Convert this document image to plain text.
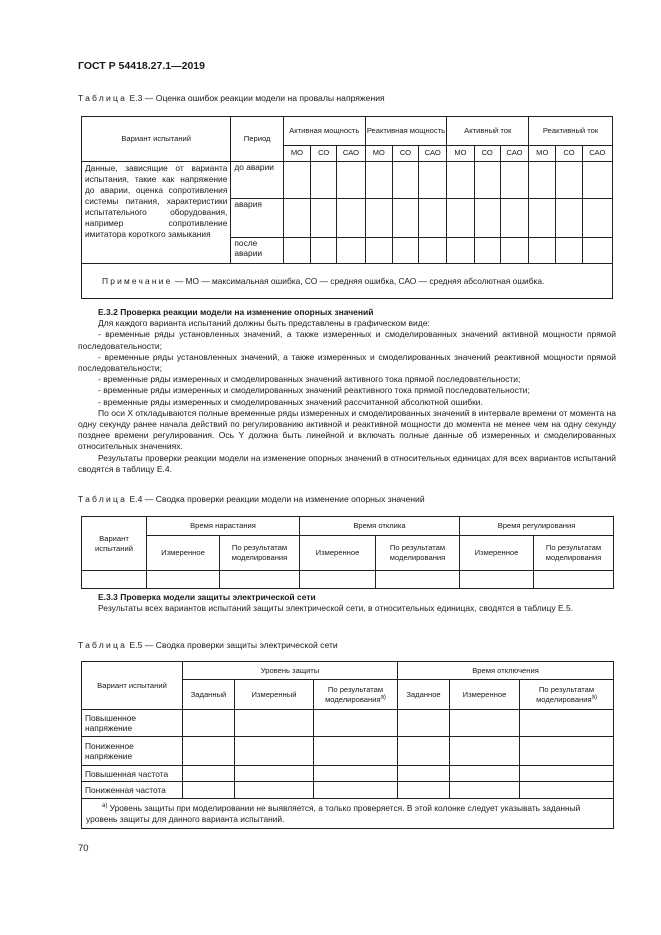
ГОСТ Р 54418.27.1—2019
Таблица Е.3 — Оценка ошибок реакции модели на провалы напряжения
Вариант испытаний	Период	Активная мощность			Реактивная мощность			Активный ток			Реактивный ток		
		МО	СО	САО	МО	СО	САО	МО	СО	САО	МО	СО	САО
Данные, зависящие от варианта испытания, такие как напряжение до аварии, оценка сопротивления системы питания, характеристики испытательного оборудования, например сопротивление имитатора короткого замыкания	до аварии												
	авария												
	после аварии												
Примечание — МО — максимальная ошибка, СО — средняя ошибка, САО — средняя абсолютная ошибка.													

Е.3.2 Проверка реакции модели на изменение опорных значений

Для каждого варианта испытаний должны быть представлены в графическом виде:

- временные ряды установленных значений, а также измеренных и смоделированных значений активной мощности прямой последовательности;

- временные ряды установленных значений, а также измеренных и смоделированных значений реактивной мощности прямой последовательности;

- временные ряды измеренных и смоделированных значений активного тока прямой последовательности;

- временные ряды измеренных и смоделированных значений реактивного тока прямой последовательности;

- временные ряды измеренных и смоделированных значений рассчитанной абсолютной ошибки.

По оси X откладываются полные временные ряды измеренных и смоделированных значений в интервале времени от момента на одну секунду ранее начала действий по регулированию активной и реактивной мощности до момента не менее чем на одну секунду позднее времени регулирования. Ось Y должна быть линейной и включать полные данные об измеренных и смоделированных относительных значениях.

Результаты проверки реакции модели на изменение опорных значений в относительных единицах для всех вариантов испытаний сводятся в таблицу Е.4.

Таблица Е.4 — Сводка проверки реакции модели на изменение опорных значений
Вариант испытаний	Время нарастания		Время отклика		Время регулирования	
	Измеренное	По результатам моделирования	Измеренное	По результатам моделирования	Измеренное	По результатам моделирования

Е.3.3 Проверка модели защиты электрической сети

Результаты всех вариантов испытаний защиты электрической сети, в относительных единицах, сводятся в таблицу Е.5.

Таблица Е.5 — Сводка проверки защиты электрической сети
Вариант испытаний	Уровень защиты			Время отключения		
	Заданный	Измеренный	По результатам моделирования$^{а)}$	Заданное	Измеренное	По результатам моделирования$^{а)}$
Повышенное напряжение						
Пониженное напряжение						
Повышенная частота						
Пониженная частота						
$^{а)}$ Уровень защиты при моделировании не выявляется, а только проверяется. В этой колонке следует указывать заданный уровень защиты для данного варианта испытаний.						
70
